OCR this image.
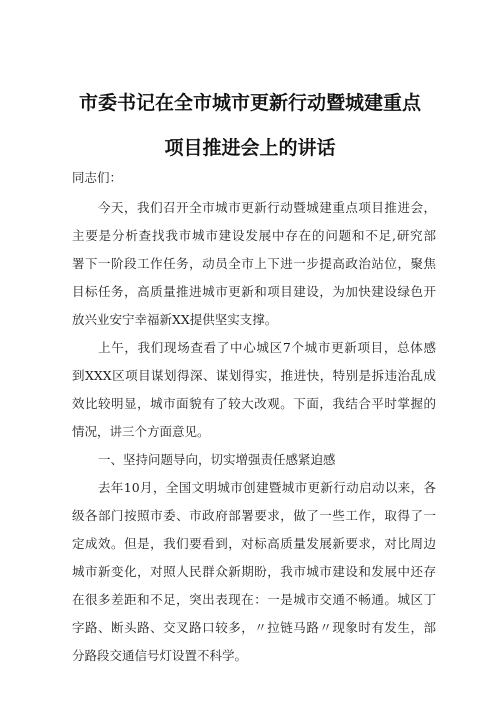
市委书记在全市城市更新行动暨城建重点
项目推进会上的讲话
同志们：
今天，我们召开全市城市更新行动暨城建重点项目推进会，
主要是分析查找我市城市建设发展中存在的问题和不足,研究部
署下一阶段工作任务，动员全市上下进一步提高政治站位，聚焦
目标任务，高质量推进城市更新和项目建设，为加快建设绿色开
放兴业安宁幸福新XX提供坚实支撑。
上午，我们现场查看了中心城区7个城市更新项目，总体感
到XXX区项目谋划得深、谋划得实，推进快，特别是拆违治乱成
效比较明显，城市面貌有了较大改观。下面，我结合平时掌握的
情况，讲三个方面意见。
一、坚持问题导向，切实增强责任感紧迫感
去年10月，全国文明城市创建暨城市更新行动启动以来，各
级各部门按照市委、市政府部署要求，做了一些工作，取得了一
定成效。但是，我们要看到，对标高质量发展新要求，对比周边
城市新变化，对照人民群众新期盼，我市城市建设和发展中还存
在很多差距和不足，突出表现在：一是城市交通不畅通。城区丁
字路、断头路、交叉路口较多，〃拉链马路〃现象时有发生，部
分路段交通信号灯设置不科学。
